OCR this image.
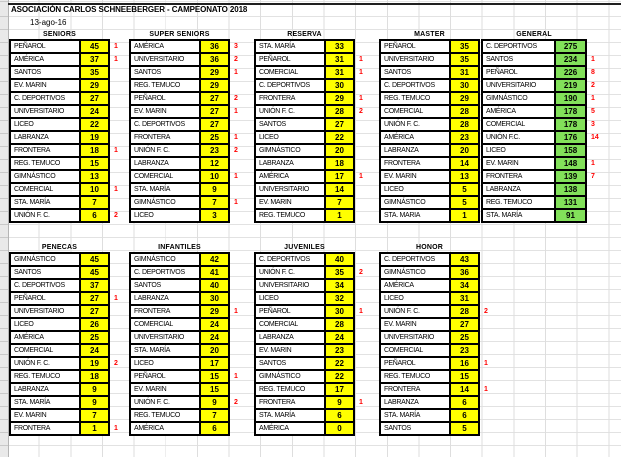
ASOCIACIÓN CARLOS SCHNEEBERGER - CAMPEONATO 2018
13-ago-16
SENIORS
PEÑAROL	45	1
AMÉRICA	37	1
SANTOS	35
EV. MARIN	29
C. DEPORTIVOS	27
UNIVERSITARIO	24
LICEO	22
LABRANZA	19
FRONTERA	18	1
REG. TEMUCO	15
GIMNÁSTICO	13
COMERCIAL	10	1
STA. MARÍA	7
UNIÓN F. C.	6	2
SUPER SENIORS
AMÉRICA	36	3
UNIVERSITARIO	36	2
SANTOS	29	1
REG. TEMUCO	29
PEÑAROL	27	2
EV. MARIN	27	1
C. DEPORTIVOS	27
FRONTERA	25	1
UNIÓN F. C.	23	2
LABRANZA	12
COMERCIAL	10	1
STA. MARÍA	9
GIMNÁSTICO	7	1
LICEO	3
RESERVA
STA. MARÍA	33
PEÑAROL	31	1
COMERCIAL	31	1
C. DEPORTIVOS	30
FRONTERA	29	1
UNIÓN F. C.	28	2
SANTOS	27
LICEO	22
GIMNÁSTICO	20
LABRANZA	18
AMÉRICA	17	1
UNIVERSITARIO	14
EV. MARIN	7
REG. TEMUCO	1
MASTER
PEÑAROL	35
UNIVERSITARIO	35
SANTOS	31
C. DEPORTIVOS	30
REG. TEMUCO	29
COMERCIAL	28
UNIÓN F. C.	28
AMÉRICA	23
LABRANZA	20
FRONTERA	14
EV. MARIN	13
LICEO	5
GIMNÁSTICO	5
STA. MARIA	1
GENERAL
C. DEPORTIVOS	275
SANTOS	234	1
PEÑAROL	226	8
UNIVERSITARIO	219	2
GIMNÁSTICO	190	1
AMÉRICA	178	5
COMERCIAL	178	3
UNIÓN F.C.	176	14
LICEO	158
EV. MARIN	148	1
FRONTERA	139	7
LABRANZA	138
REG. TEMUCO	131
STA. MARÍA	91
PENECAS
GIMNÁSTICO	45
SANTOS	45
C. DEPORTIVOS	37
PEÑAROL	27	1
UNIVERSITARIO	27
LICEO	26
AMÉRICA	25
COMERCIAL	24
UNIÓN F. C.	19	2
REG. TEMUCO	18
LABRANZA	9
STA. MARÍA	9
EV. MARIN	7
FRONTERA	1	1
INFANTILES
GIMNÁSTICO	42
C. DEPORTIVOS	41
SANTOS	40
LABRANZA	30
FRONTERA	29	1
COMERCIAL	24
UNIVERSITARIO	24
STA. MARÍA	20
LICEO	17
PEÑAROL	15	1
EV. MARIN	15
UNIÓN F. C.	9	2
REG. TEMUCO	7
AMÉRICA	6
JUVENILES
C. DEPORTIVOS	40
UNIÓN F. C.	35	2
UNIVERSITARIO	34
LICEO	32
PEÑAROL	30	1
COMERCIAL	28
LABRANZA	24
EV. MARIN	23
SANTOS	22
GIMNÁSTICO	22
REG. TEMUCO	17
FRONTERA	9	1
STA. MARÍA	6
AMÉRICA	0
HONOR
C. DEPORTIVOS	43
GIMNÁSTICO	36
AMÉRICA	34
LICEO	31
UNIÓN F. C.	28	2
EV. MARIN	27
UNIVERSITARIO	25
COMERCIAL	23
PEÑAROL	16	1
REG. TEMUCO	15
FRONTERA	14	1
LABRANZA	6
STA. MARÍA	6
SANTOS	5
